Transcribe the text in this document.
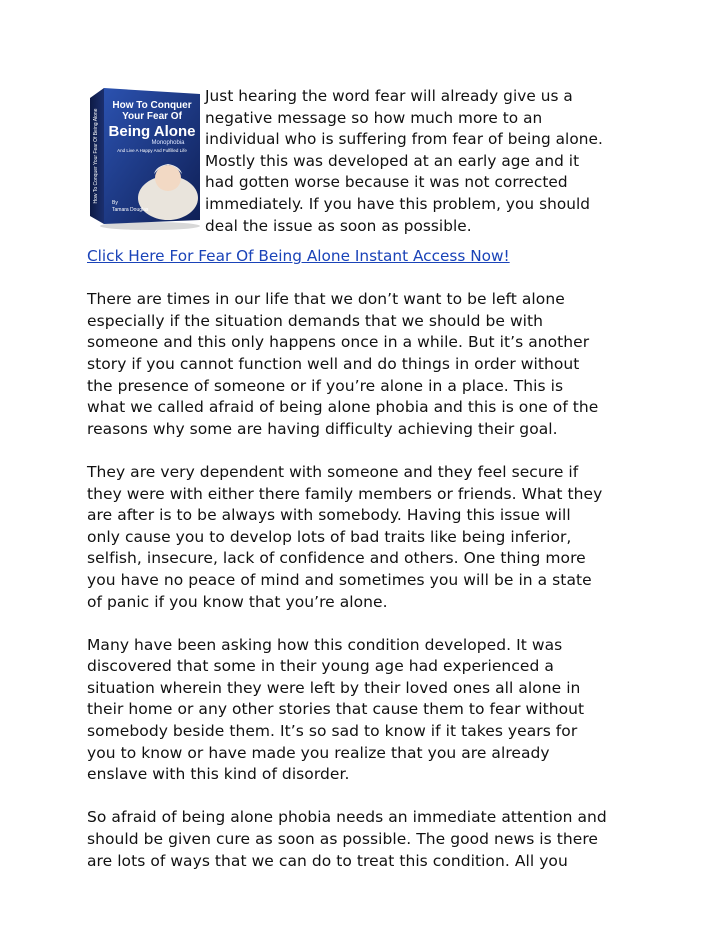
How To Conquer Your Fear Of Being Alone
How To Conquer
Your Fear Of
Being Alone
Monophobia
And Live A Happy And Fulfilled Life
By
Tamara Douglas
Just hearing the word fear will already give us a
negative message so how much more to an
individual who is suffering from fear of being alone.
Mostly this was developed at an early age and it
had gotten worse because it was not corrected
immediately. If you have this problem, you should
deal the issue as soon as possible.
Click Here For Fear Of Being Alone Instant Access Now!

There are times in our life that we don’t want to be left alone
especially if the situation demands that we should be with
someone and this only happens once in a while. But it’s another
story if you cannot function well and do things in order without
the presence of someone or if you’re alone in a place. This is
what we called afraid of being alone phobia and this is one of the
reasons why some are having difficulty achieving their goal.

They are very dependent with someone and they feel secure if
they were with either there family members or friends. What they
are after is to be always with somebody. Having this issue will
only cause you to develop lots of bad traits like being inferior,
selfish, insecure, lack of confidence and others. One thing more
you have no peace of mind and sometimes you will be in a state
of panic if you know that you’re alone.

Many have been asking how this condition developed. It was
discovered that some in their young age had experienced a
situation wherein they were left by their loved ones all alone in
their home or any other stories that cause them to fear without
somebody beside them. It’s so sad to know if it takes years for
you to know or have made you realize that you are already
enslave with this kind of disorder.

So afraid of being alone phobia needs an immediate attention and
should be given cure as soon as possible. The good news is there
are lots of ways that we can do to treat this condition. All you
